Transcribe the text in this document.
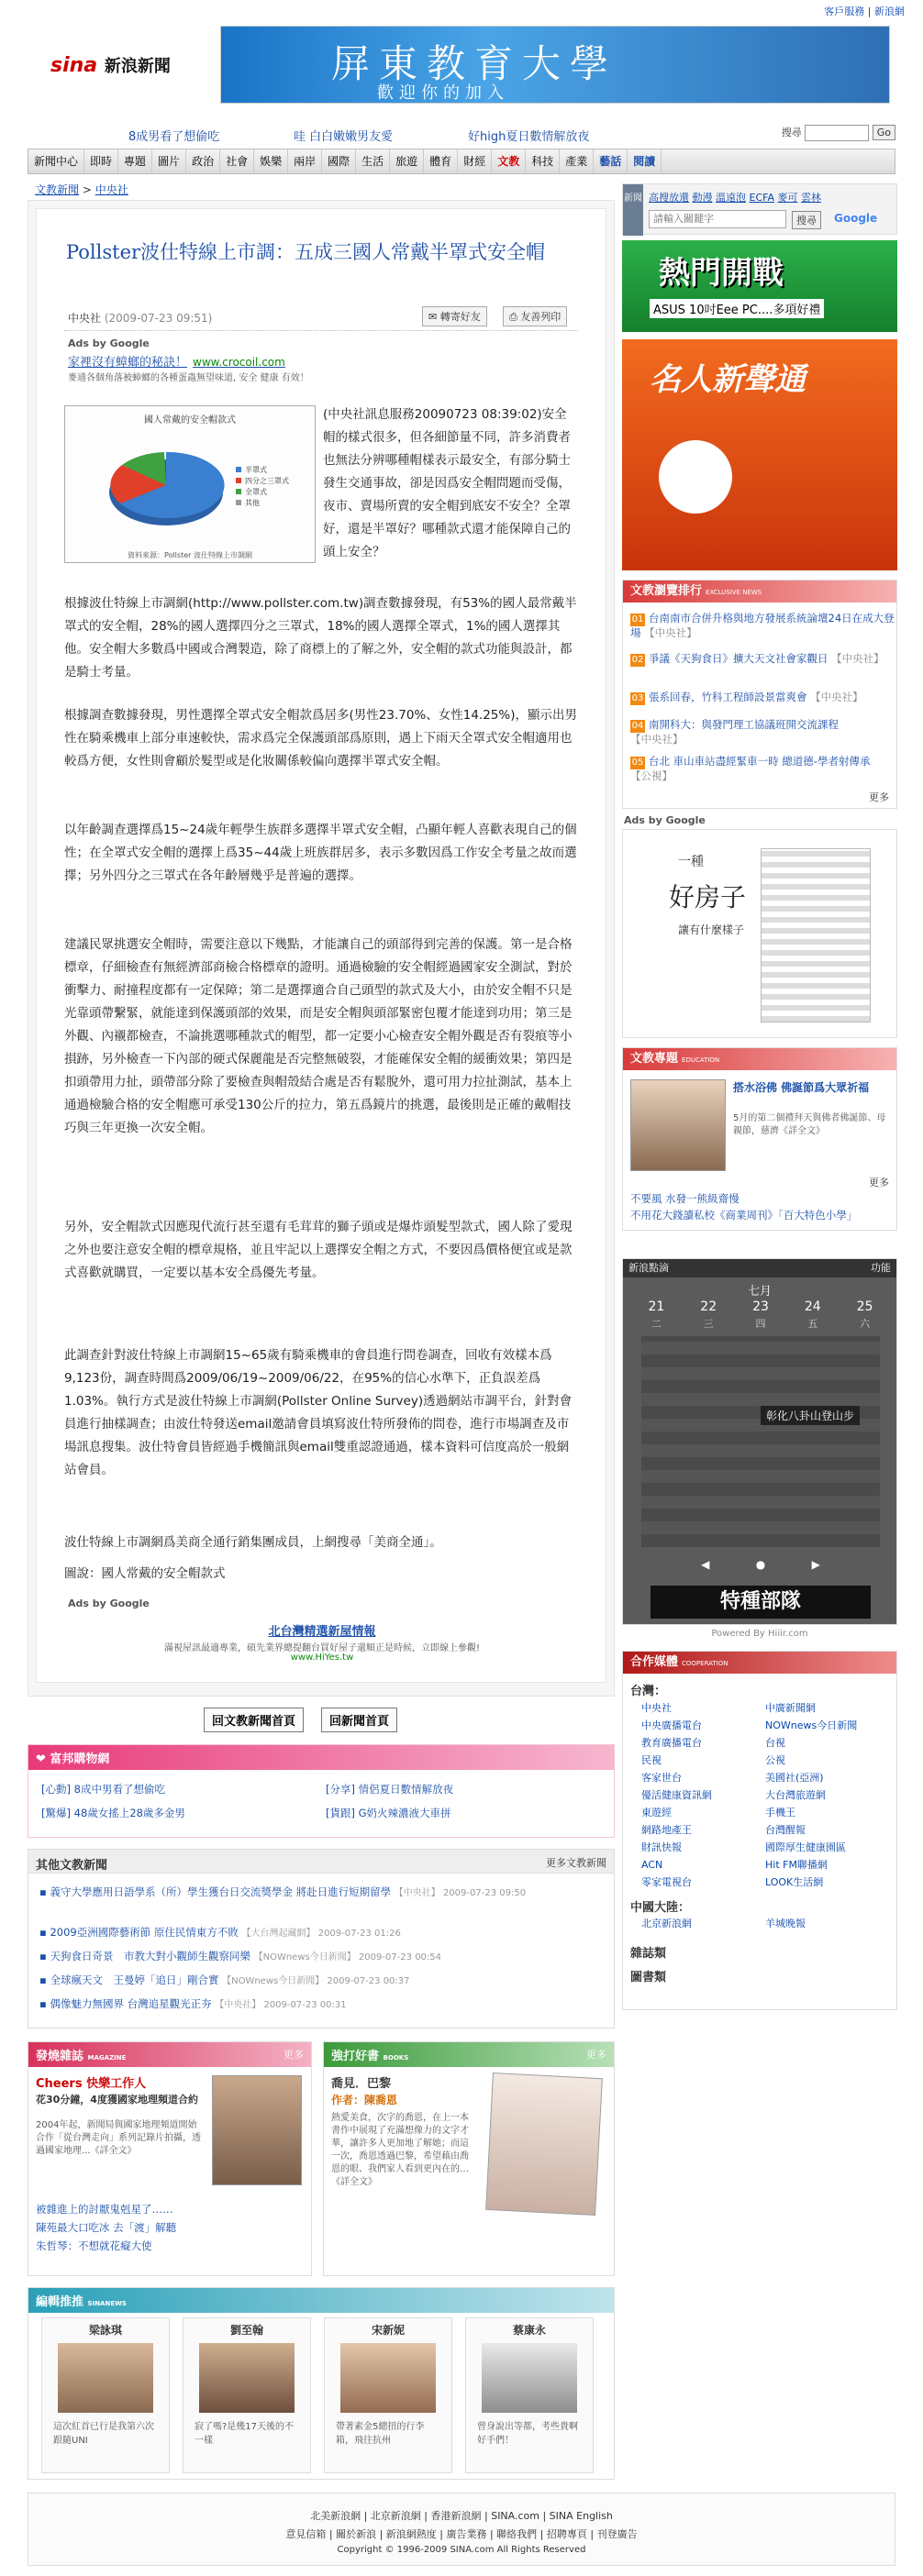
客戶服務 | 新浪網
sina 新浪新聞	屏東教育大學
歡迎你的加入
8成男看了想偷吃	哇 白白嫩嫩男友愛	好high夏日數情解放夜	搜尋	Go
新聞中心 即時 專題 圖片 政治 社會 娛樂 兩岸 國際 生活 旅遊 體育 財經 文教 科技 產業 藝話 閱讀
文教新聞 > 中央社
Pollster波仕特線上市調：五成三國人常戴半罩式安全帽
中央社 (2009-07-23 09:51)	✉ 轉寄好友	⎙ 友善列印
Ads by Google
家裡沒有蟑螂的秘訣！ www.crocoil.com
麥通各個角落被蟑螂的各種蛋蟲無望味道, 安全 健康 有效！
國人常戴的安全帽款式
半罩式
四分之三罩式
全罩式
其他
資料來源：Pollster 波仕特線上市調網
(中央社訊息服務20090723 08:39:02)安全帽的樣式很多，但各細節量不同，許多消費者也無法分辨哪種帽樣表示最安全，有部分騎士發生交通事故，卻是因爲安全帽問題而受傷，夜市、賣場所賣的安全帽到底安不安全？全罩好，還是半罩好？哪種款式還才能保障自己的頭上安全？
根據波仕特線上市調網(http://www.pollster.com.tw)調查數據發現，有53%的國人最常戴半罩式的安全帽，28%的國人選擇四分之三罩式，18%的國人選擇全罩式，1%的國人選擇其他。安全帽大多數爲中國或合灣製造，除了商標上的了解之外，安全帽的款式功能與設計，都是騎士考量。
根據調查數據發現，男性選擇全罩式安全帽款爲居多(男性23.70%、女性14.25%)，顯示出男性在騎乘機車上部分車速較快，需求爲完全保護頭部爲原則，遇上下雨天全罩式安全帽適用也較爲方便，女性則會顧於髮型或是化妝關係較偏向選擇半罩式安全帽。
以年齡調查選擇爲15~24歲年輕學生族群多選擇半罩式安全帽，凸顯年輕人喜歡表現自己的個性；在全罩式安全帽的選擇上爲35~44歲上班族群居多，表示多數因爲工作安全考量之故而選擇；另外四分之三罩式在各年齡層幾乎是普遍的選擇。
建議民眾挑選安全帽時，需要注意以下幾點，才能讓自己的頭部得到完善的保護。第一是合格標章，仔細檢查有無經濟部商檢合格標章的證明。通過檢驗的安全帽經過國家安全測試，對於衝擊力、耐撞程度都有一定保障；第二是選擇適合自己頭型的款式及大小，由於安全帽不只是光靠頭帶繫緊，就能達到保護頭部的效果，而是安全帽與頭部緊密包覆才能達到功用；第三是外觀、內襯都檢查，不論挑選哪種款式的帽型，都一定要小心檢查安全帽外觀是否有裂痕等小損跡，另外檢查一下內部的硬式保麗龍是否完整無破裂，才能確保安全帽的緩衝效果；第四是扣頭帶用力扯，頭帶部分除了要檢查與帽殼結合處是否有鬆脫外，還可用力拉扯測試，基本上通過檢驗合格的安全帽應可承受130公斤的拉力，第五爲鏡片的挑選，最後則是正確的戴帽技巧與三年更換一次安全帽。
另外，安全帽款式因應現代流行甚至還有毛茸茸的獅子頭或是爆炸頭髮型款式，國人除了愛現之外也要注意安全帽的標章規格，並且牢記以上選擇安全帽之方式，不要因爲價格便宜或是款式喜歡就購買，一定要以基本安全爲優先考量。
此調查針對波仕特線上市調網15~65歲有騎乘機車的會員進行問卷調查，回收有效樣本爲9,123份，調查時間爲2009/06/19~2009/06/22，在95%的信心水準下，正負誤差爲1.03%。執行方式是波仕特線上市調網(Pollster Online Survey)透過網站市調平台，針對會員進行抽樣調查；由波仕特發送email邀請會員填寫波仕特所發佈的問卷，進行市場調查及市場訊息搜集。波仕特會員皆經過手機簡訊與email雙重認證通過，樣本資料可信度高於一般網站會員。
波仕特線上市調網爲美商全通行銷集團成員，上網搜尋「美商全通」。
圖說：國人常戴的安全帽款式
Ads by Google
北台灣精選新屋情報
滿視屋訊最適專業，碩先業界總提翻台買好屋子還順正是時候，立即線上參觀!
www.HiYes.tw
回文教新聞首頁	回新聞首頁
❤ 富邦購物網
[心動] 8成中男看了想偷吃	[分享] 情侶夏日數情解放夜
[驚爆] 48歲女搖上28歲多金男	[貨跟] G奶火辣濃液大車拼
其他文教新聞	更多文教新聞
▪ 義守大學應用日語學系（所）學生獲台日交流獎學金 將赴日進行短期留學 【中央社】 2009-07-23 09:50
▪ 2009亞洲國際藝術節 原住民情東方不敗 【大台灣起藏網】 2009-07-23 01:26
▪ 天狗食日奇景　市教大對小觀師生觀察同樂 【NOWnews今日新聞】 2009-07-23 00:54
▪ 全球瘋天文　王曼婷「追日」剛合實 【NOWnews今日新聞】 2009-07-23 00:37
▪ 偶像魅力無國界 台灣追星觀光正夯 【中央社】 2009-07-23 00:31
發燒雜誌 MAGAZINE	更多
Cheers 快樂工作人
花30分鐘，4度獲國家地理頻道合約
2004年起，新聞局與國家地理頻道開始合作「從台灣走向」系列記錄片拍攝，透過國家地理...《詳全文》
被雜進上的討厭鬼剋星了……
陳苑最大口吃冰 去「渡」解聽
朱哲琴：不想就花癡大使
強打好書 BOOKS	更多
喬見．巴黎
作者：陳喬恩
熱愛美食，次字的喬恩，在上一本書作中展現了充滿想像力的文字才華，讓許多人更加地了解她；而這一次，喬恩透過巴黎，希望藉由喬恩的眼、我們家人看到更內在的…《詳全文》
編輯推推 SINANEWS
梁詠琪
這次紅首已行是我第六次跟隨UNI
劉至翰
寂了嗎?是幾17天後的不一樣
宋新妮
帶著素金5總扭的行李箱，飛往抗州
蔡康永
曾身說出等都，考些貴啊好手們！
新聞 高搜放還 動漫 溫遠泡 ECFA 麥可 雲林
請輸入關鍵字
搜尋	Google
熱門開戰
ASUS 10吋Eee PC....多項好禮
名人新聲通
文教瀏覽排行 EXCLUSIVE NEWS
01 台南南市合併升格與地方發展系統論壇24日在成大登場 【中央社】
02 爭議《天狗食日》擴大天文社會家觀日 【中央社】
03 張系回春，竹科工程師設景當爽會 【中央社】
04 南開科大：與發門理工協議班開交流課程 【中央社】
05 台北 車山車站盡經緊車一時 總道德-學者射傳承 【公視】
更多
Ads by Google
一種
好房子
讓有什麼樣子
文教專題 EDUCATION
搭水浴佛 佛誕節爲大眾祈福
5月的第二個禮拜天與佛者佛誕節、母親節，慈濟《詳全文》
更多
不要風 水發一熊級齋慢
不用花大錢讀私校《商業周刊》「百大特色小學」
新浪點滴	功能
七月
21	22	23	24	25
二	三	四	五	六
彰化八卦山登山步
◀	●	▶
特種部隊
Powered By Hiiir.com
合作媒體 COOPERATION
台灣：
中央社	中廣新聞網
中央廣播電台	NOWnews今日新聞
教育廣播電台	台視
民視	公視
客家世台	美國社(亞洲)
優活健康資訊網	大台灣旅遊網
東遊經	手機王
網路地產王	台灣醒報
財訊快報	國際厚生健康園區
ACN	Hit FM聯播網
零家電視台	LOOK生活網
中國大陸：
北京新浪網	羊城晚報
雜誌類
圖書類
北美新浪網 | 北京新浪網 | 香港新浪網 | SINA.com | SINA English
意見信箱 | 關於新浪 | 新浪網熱度 | 廣告業務 | 聯絡我們 | 招聘專頁 | 刊登廣告
Copyright © 1996-2009 SINA.com All Rights Reserved
